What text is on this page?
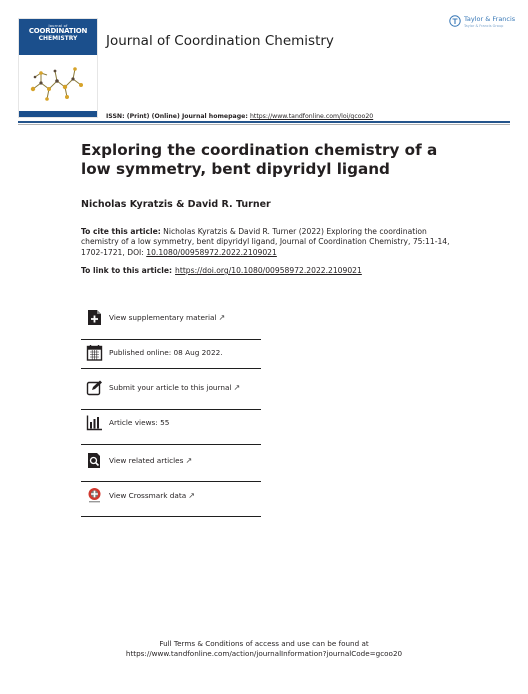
Journal of
COORDINATION
CHEMISTRY	Journal of Coordination Chemistry
Taylor & Francis
Taylor & Francis Group
ISSN: (Print) (Online) Journal homepage: https://www.tandfonline.com/loi/gcoo20
Exploring the coordination chemistry of a low symmetry, bent dipyridyl ligand
Nicholas Kyratzis & David R. Turner
To cite this article: Nicholas Kyratzis & David R. Turner (2022) Exploring the coordination chemistry of a low symmetry, bent dipyridyl ligand, Journal of Coordination Chemistry, 75:11-14, 1702-1721, DOI: 10.1080/00958972.2022.2109021
To link to this article: https://doi.org/10.1080/00958972.2022.2109021
View supplementary material ↗
Published online: 08 Aug 2022.
Submit your article to this journal ↗
Article views: 55
View related articles ↗
View Crossmark data ↗
Full Terms & Conditions of access and use can be found at
https://www.tandfonline.com/action/journalInformation?journalCode=gcoo20
